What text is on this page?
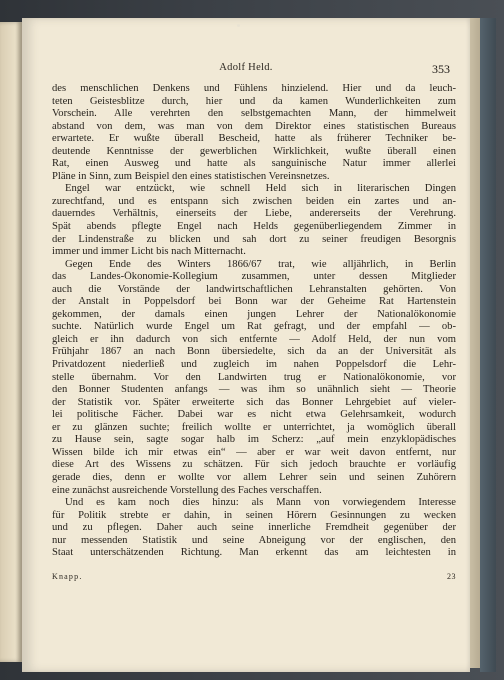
Adolf Held.	353
des menschlichen Denkens und Fühlens hinzielend. Hier und da leuch-
teten Geistesblitze durch, hier und da kamen Wunderlichkeiten zum
Vorschein. Alle verehrten den selbstgemachten Mann, der himmelweit
abstand von dem, was man von dem Direktor eines statistischen Bureaus
erwartete. Er wußte überall Bescheid, hatte als früherer Techniker be-
deutende Kenntnisse der gewerblichen Wirklichkeit, wußte überall einen
Rat, einen Ausweg und hatte als sanguinische Natur immer allerlei
Pläne in Sinn, zum Beispiel den eines statistischen Vereinsnetzes.
Engel war entzückt, wie schnell Held sich in literarischen Dingen
zurechtfand, und es entspann sich zwischen beiden ein zartes und an-
dauerndes Verhältnis, einerseits der Liebe, andererseits der Verehrung.
Spät abends pflegte Engel nach Helds gegenüberliegendem Zimmer in
der Lindenstraße zu blicken und sah dort zu seiner freudigen Besorgnis
immer und immer Licht bis nach Mitternacht.
Gegen Ende des Winters 1866/67 trat, wie alljährlich, in Berlin
das Landes-Ökonomie-Kollegium zusammen, unter dessen Mitglieder
auch die Vorstände der landwirtschaftlichen Lehranstalten gehörten. Von
der Anstalt in Poppelsdorf bei Bonn war der Geheime Rat Hartenstein
gekommen, der damals einen jungen Lehrer der Nationalökonomie
suchte. Natürlich wurde Engel um Rat gefragt, und der empfahl — ob-
gleich er ihn dadurch von sich entfernte — Adolf Held, der nun vom
Frühjahr 1867 an nach Bonn übersiedelte, sich da an der Universität als
Privatdozent niederließ und zugleich im nahen Poppelsdorf die Lehr-
stelle übernahm. Vor den Landwirten trug er Nationalökonomie, vor
den Bonner Studenten anfangs — was ihm so unähnlich sieht — Theorie
der Statistik vor. Später erweiterte sich das Bonner Lehrgebiet auf vieler-
lei politische Fächer. Dabei war es nicht etwa Gelehrsamkeit, wodurch
er zu glänzen suchte; freilich wollte er unterrichtet, ja womöglich überall
zu Hause sein, sagte sogar halb im Scherz: „auf mein enzyklopädisches
Wissen bilde ich mir etwas ein“ — aber er war weit davon entfernt, nur
diese Art des Wissens zu schätzen. Für sich jedoch brauchte er vorläufig
gerade dies, denn er wollte vor allem Lehrer sein und seinen Zuhörern
eine zunächst ausreichende Vorstellung des Faches verschaffen.
Und es kam noch dies hinzu: als Mann von vorwiegendem Interesse
für Politik strebte er dahin, in seinen Hörern Gesinnungen zu wecken
und zu pflegen. Daher auch seine innerliche Fremdheit gegenüber der
nur messenden Statistik und seine Abneigung vor der englischen, den
Staat unterschätzenden Richtung. Man erkennt das am leichtesten in
Knapp.	23
